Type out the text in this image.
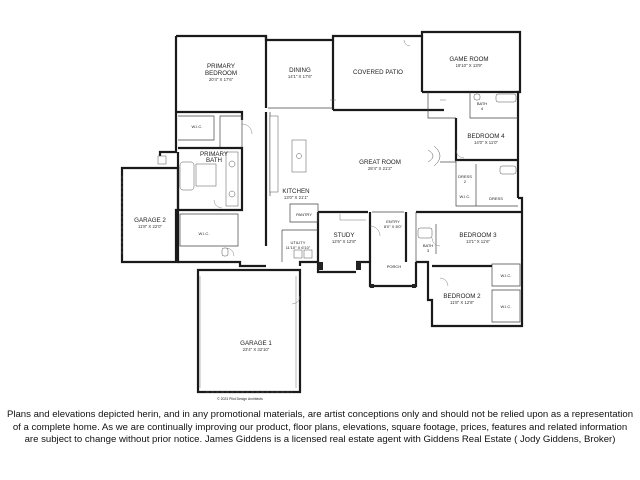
PRIMARY
BEDROOM
20'4" X 17'6"
DINING
14'1" X 17'6"
COVERED PATIO
GAME ROOM
19'10" X 13'9"
BATH
4
BEDROOM 4
14'0" X 11'0"
W.I.C.
PRIMARY
BATH	GREAT ROOM
28'4" X 21'2"
KITCHEN
13'0" X 21'1"
DRESS
2
DRESS
W.I.C.
GARAGE 2
11'8" X 22'0"
W.I.C.
PANTRY
STUDY
12'6" X 12'8"
ENTRY
8'0" X 8'0"
BEDROOM 3
13'1" X 11'6"
BATH
3
UTILITY
11'10" X 6'10"
PORCH
W.I.C.
BEDROOM 2
11'8" X 12'8"
W.I.C.
GARAGE 1
23'4" X 32'10"
© 2023 Pilot Design Architects

Plans and elevations depicted herin, and in any promotional materials, are artist conceptions only and should not be relied upon as a representation of a complete home. As we are continually improving our product, floor plans, elevations, square footage, prices, features and related information are subject to change without prior notice. James Giddens is a licensed real estate agent with Giddens Real Estate ( Jody Giddens, Broker)
